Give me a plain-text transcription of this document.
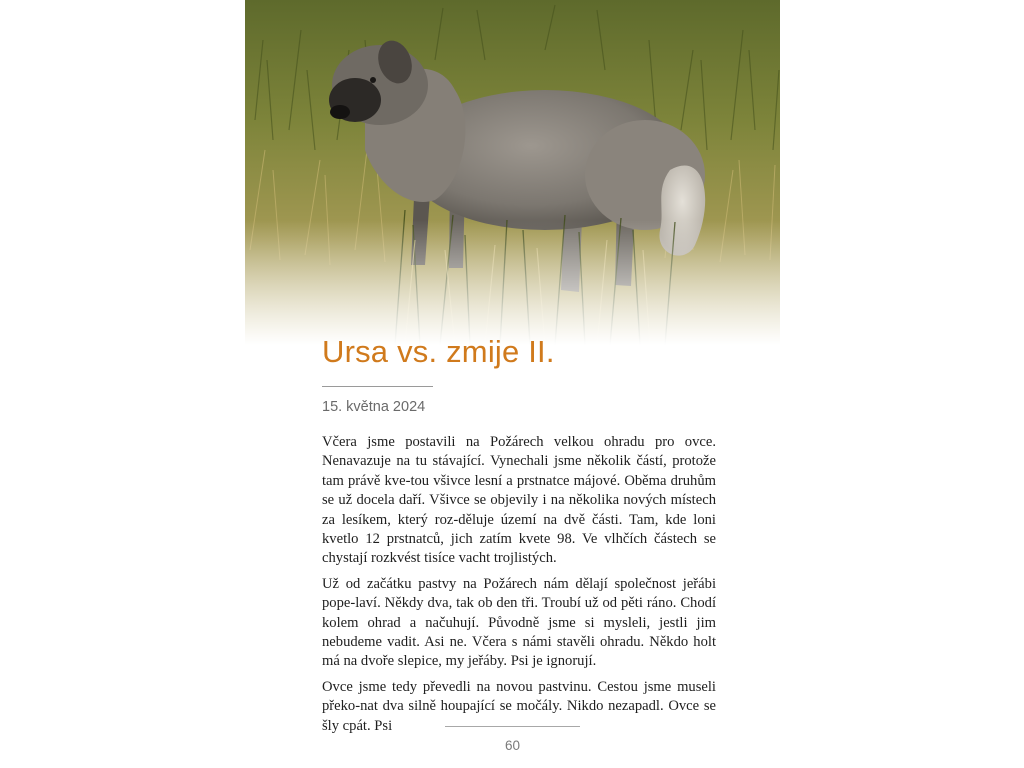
Ursa vs. zmije II.
15. května 2024

Včera jsme postavili na Požárech velkou ohradu pro ovce. Nenavazuje na tu stávající. Vynechali jsme několik částí, protože tam právě kve-tou všivce lesní a prstnatce májové. Oběma druhům se už docela daří. Všivce se objevily i na několika nových místech za lesíkem, který roz-děluje území na dvě části. Tam, kde loni kvetlo 12 prstnatců, jich zatím kvete 98. Ve vlhčích částech se chystají rozkvést tisíce vacht trojlistých.

Už od začátku pastvy na Požárech nám dělají společnost jeřábi pope-laví. Někdy dva, tak ob den tři. Troubí už od pěti ráno. Chodí kolem ohrad a načuhují. Původně jsme si mysleli, jestli jim nebudeme vadit. Asi ne. Včera s námi stavěli ohradu. Někdo holt má na dvoře slepice, my jeřáby. Psi je ignorují.

Ovce jsme tedy převedli na novou pastvinu. Cestou jsme museli překo-nat dva silně houpající se močály. Nikdo nezapadl. Ovce se šly cpát. Psi

60
